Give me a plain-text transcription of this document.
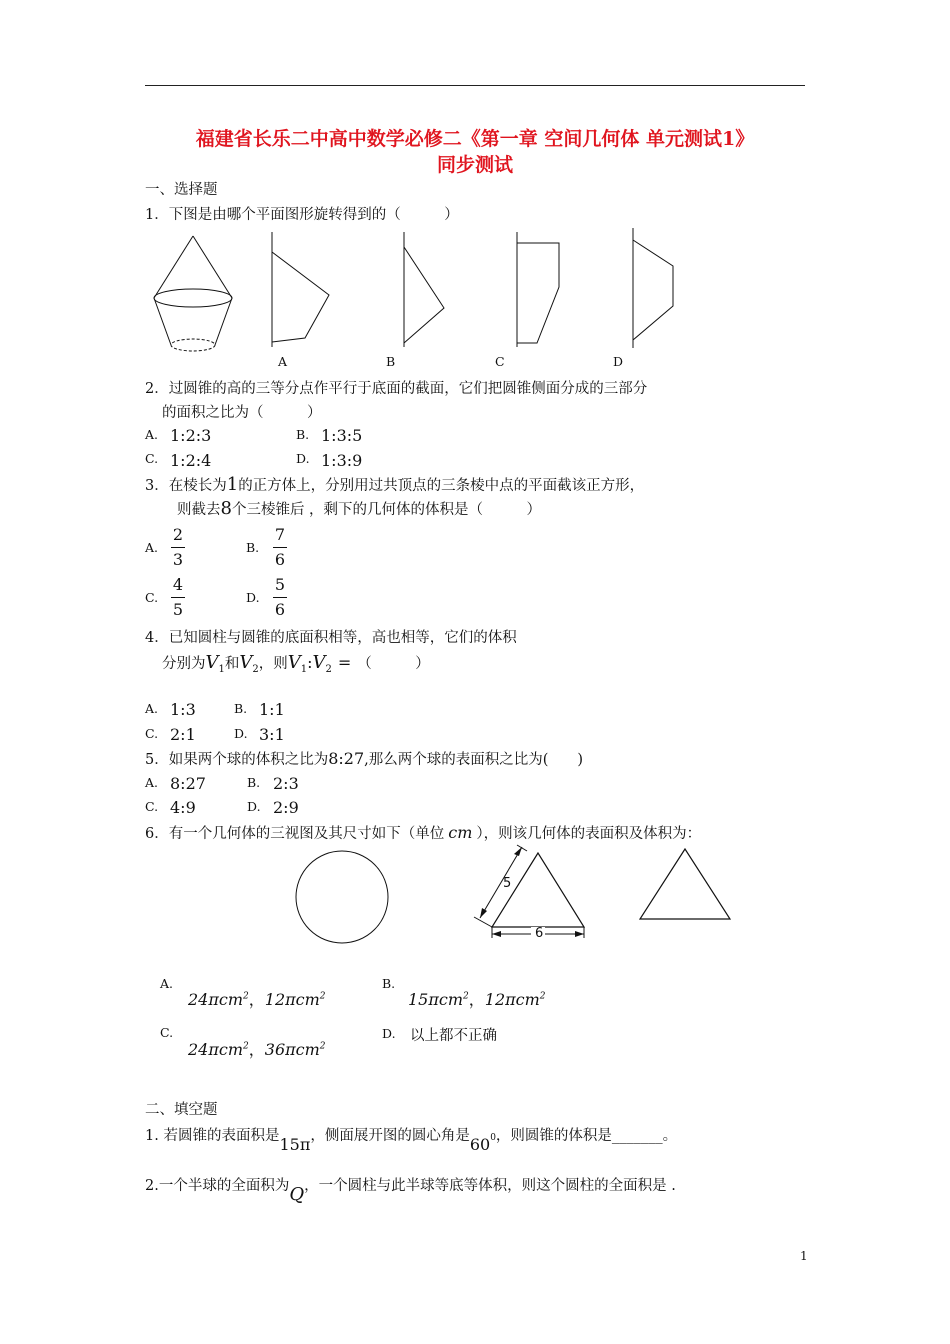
福建省长乐二中高中数学必修二《第一章 空间几何体 单元测试1》
同步测试
一、选择题
1．下图是由哪个平面图形旋转得到的（　　　）
A	B	C	D
2．过圆锥的高的三等分点作平行于底面的截面，它们把圆锥侧面分成的三部分
的面积之比为（　　　）
A. 1:2:3	B. 1:3:5
C. 1:2:4	D. 1:3:9
3．在棱长为1的正方体上，分别用过共顶点的三条棱中点的平面截该正方形，
则截去8个三棱锥后 ，剩下的几何体的体积是（　　　）
A.
2
3
B.
7
6
C.
4
5
D.
5
6
4．已知圆柱与圆锥的底面积相等，高也相等，它们的体积
分别为$V_1$和$V_2$，则$V_1:V_2$ = （　　　）
A. 1:3	B. 1:1
C. 2:1	D. 3:1
5．如果两个球的体积之比为8:27,那么两个球的表面积之比为(　　)
A. 8:27	B. 2:3
C. 4:9	D. 2:9
6．有一个几何体的三视图及其尺寸如下（单位 cm ），则该几何体的表面积及体积为：
5
6
A.
24πcm$^2$，12πcm$^2$
B.
15πcm$^2$，12πcm$^2$
C.
24πcm$^2$，36πcm$^2$
D. 以上都不正确
二、填空题
1. 若圆锥的表面积是15π，侧面展开图的圆心角是$60^0$，则圆锥的体积是_______。
2.一个半球的全面积为Q，一个圆柱与此半球等底等体积，则这个圆柱的全面积是 .
1
